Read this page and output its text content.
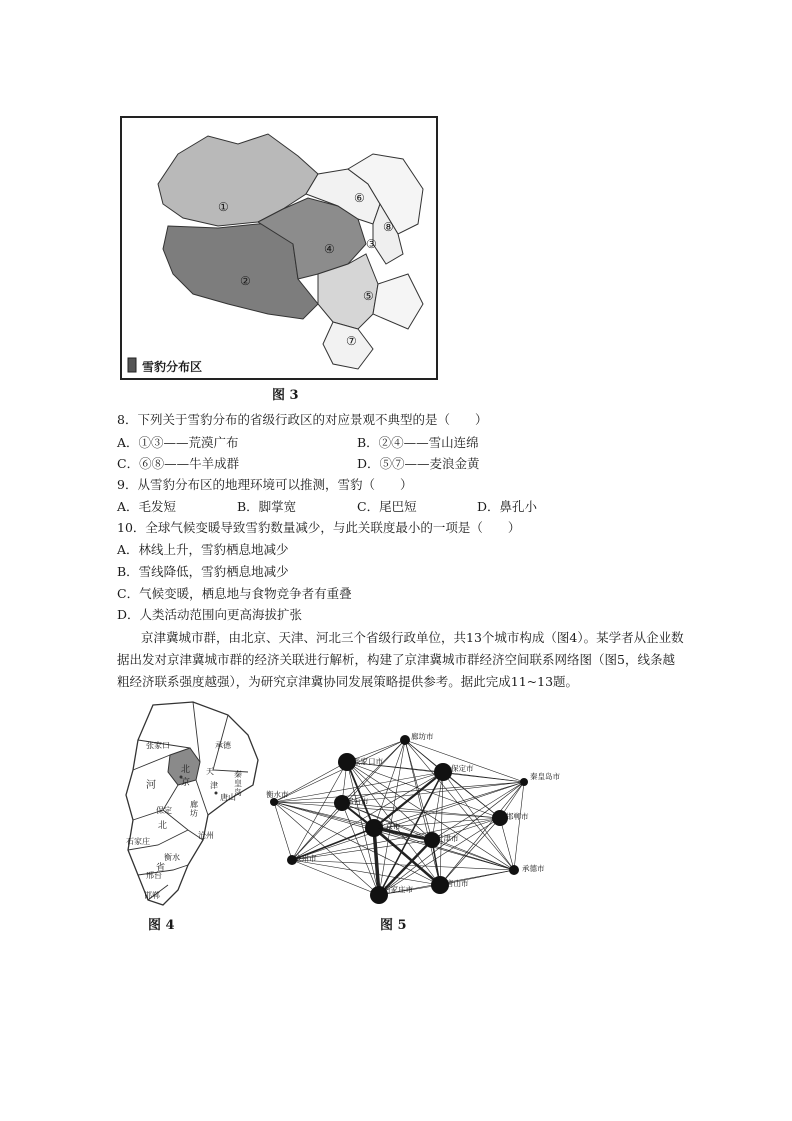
①
②
③
④
⑤
⑥
⑦
⑧
雪豹分布区
图 3
8．下列关于雪豹分布的省级行政区的对应景观不典型的是（　　）
A．①③——荒漠广布	B．②④——雪山连绵
C．⑥⑧——牛羊成群	D．⑤⑦——麦浪金黄
9．从雪豹分布区的地理环境可以推测，雪豹（　　）
A．毛发短	B．脚掌宽	C．尾巴短	D．鼻孔小
10．全球气候变暖导致雪豹数量减少，与此关联度最小的一项是（　　）
A．林线上升，雪豹栖息地减少
B．雪线降低，雪豹栖息地减少
C．气候变暖，栖息地与食物竞争者有重叠
D．人类活动范围向更高海拔扩张
京津冀城市群，由北京、天津、河北三个省级行政单位，共13个城市构成（图4）。某学者从企业数据出发对京津冀城市群的经济关联进行解析，构建了京津冀城市群经济空间联系网络图（图5，线条越粗经济联系强度越强），为研究京津冀协同发展策略提供参考。据此完成11~13题。
张家口	承德
北
京
天
津
河
秦皇岛
唐山
保定
廊坊
北
沧州
石家庄
衡水
省
邢台
邯郸
图 4
廊坊市
张家口市
保定市
秦皇岛市
衡水市
邢台市
北京市
天津市
邯郸市
沧州市
承德市
唐山市
石家庄市
图 5
